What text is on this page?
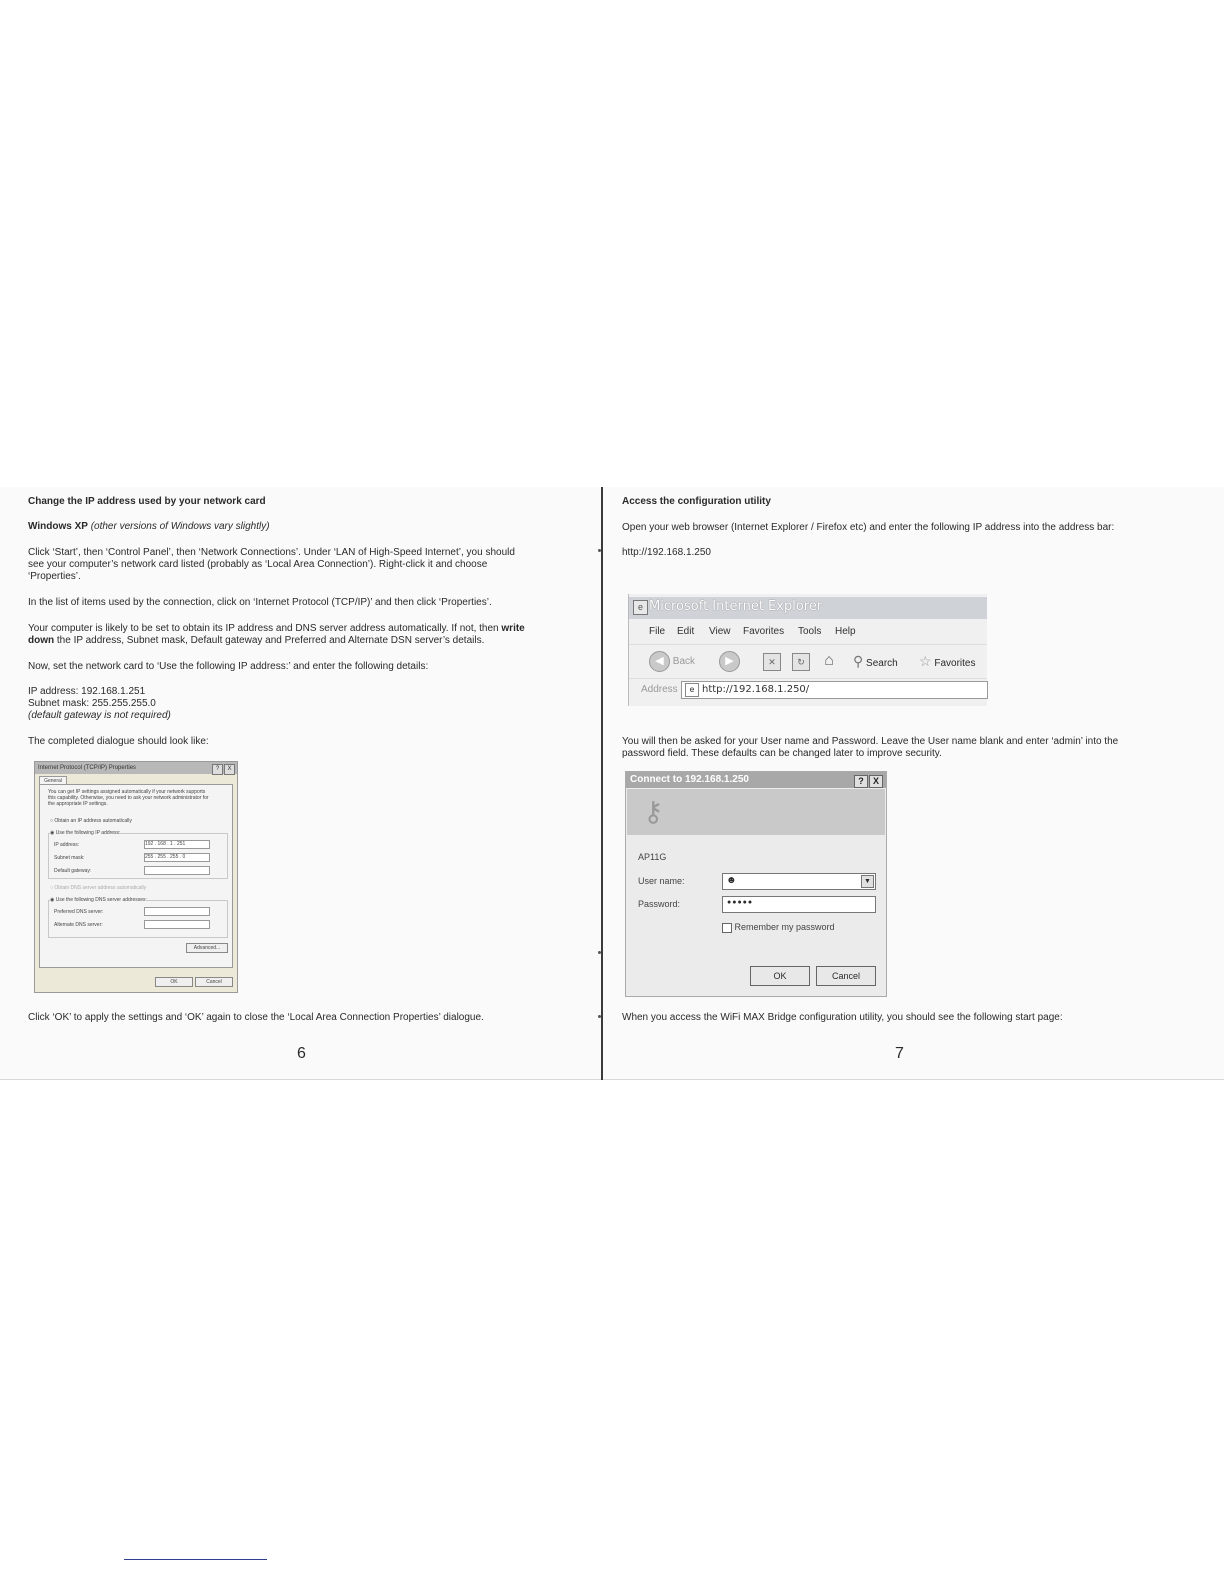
Change the IP address used by your network card

Windows XP (other versions of Windows vary slightly)

Click ‘Start’, then ‘Control Panel’, then ‘Network Connections’. Under ‘LAN of High-Speed Internet’, you should

see your computer’s network card listed (probably as ‘Local Area Connection’). Right-click it and choose

‘Properties’.

In the list of items used by the connection, click on ‘Internet Protocol (TCP/IP)’ and then click ‘Properties’.

Your computer is likely to be set to obtain its IP address and DNS server address automatically. If not, then write

down the IP address, Subnet mask, Default gateway and Preferred and Alternate DSN server’s details.

Now, set the network card to ‘Use the following IP address:’ and enter the following details:

IP address: 192.168.1.251

Subnet mask: 255.255.255.0

(default gateway is not required)

The completed dialogue should look like:

Click ‘OK’ to apply the settings and ‘OK’ again to close the ‘Local Area Connection Properties’ dialogue.

6
Internet Protocol (TCP/IP) Properties	? X
General
You can get IP settings assigned automatically if your network supports
this capability. Otherwise, you need to ask your network administrator for
the appropriate IP settings.
○ Obtain an IP address automatically
◉ Use the following IP address:
IP address:	192 . 168 . 1 . 251
Subnet mask:	255 . 255 . 255 . 0
Default gateway:
○ Obtain DNS server address automatically
◉ Use the following DNS server addresses:
Preferred DNS server:
Alternate DNS server:
Advanced...
OK	Cancel

Access the configuration utility

Open your web browser (Internet Explorer / Firefox etc) and enter the following IP address into the address bar:

http://192.168.1.250

You will then be asked for your User name and Password. Leave the User name blank and enter ‘admin’ into the

password field. These defaults can be changed later to improve security.

When you access the WiFi MAX Bridge configuration utility, you should see the following start page:

7
e Microsoft Internet Explorer
File Edit View Favorites Tools Help
◀ Back	▶	✕	↻	⌂ ⚲ Search ☆ Favorites
Address	e http://192.168.1.250/
Connect to 192.168.1.250	? X
⚷
AP11G
User name:	☻	▼
Password:	●●●●●
Remember my password
OK	Cancel
